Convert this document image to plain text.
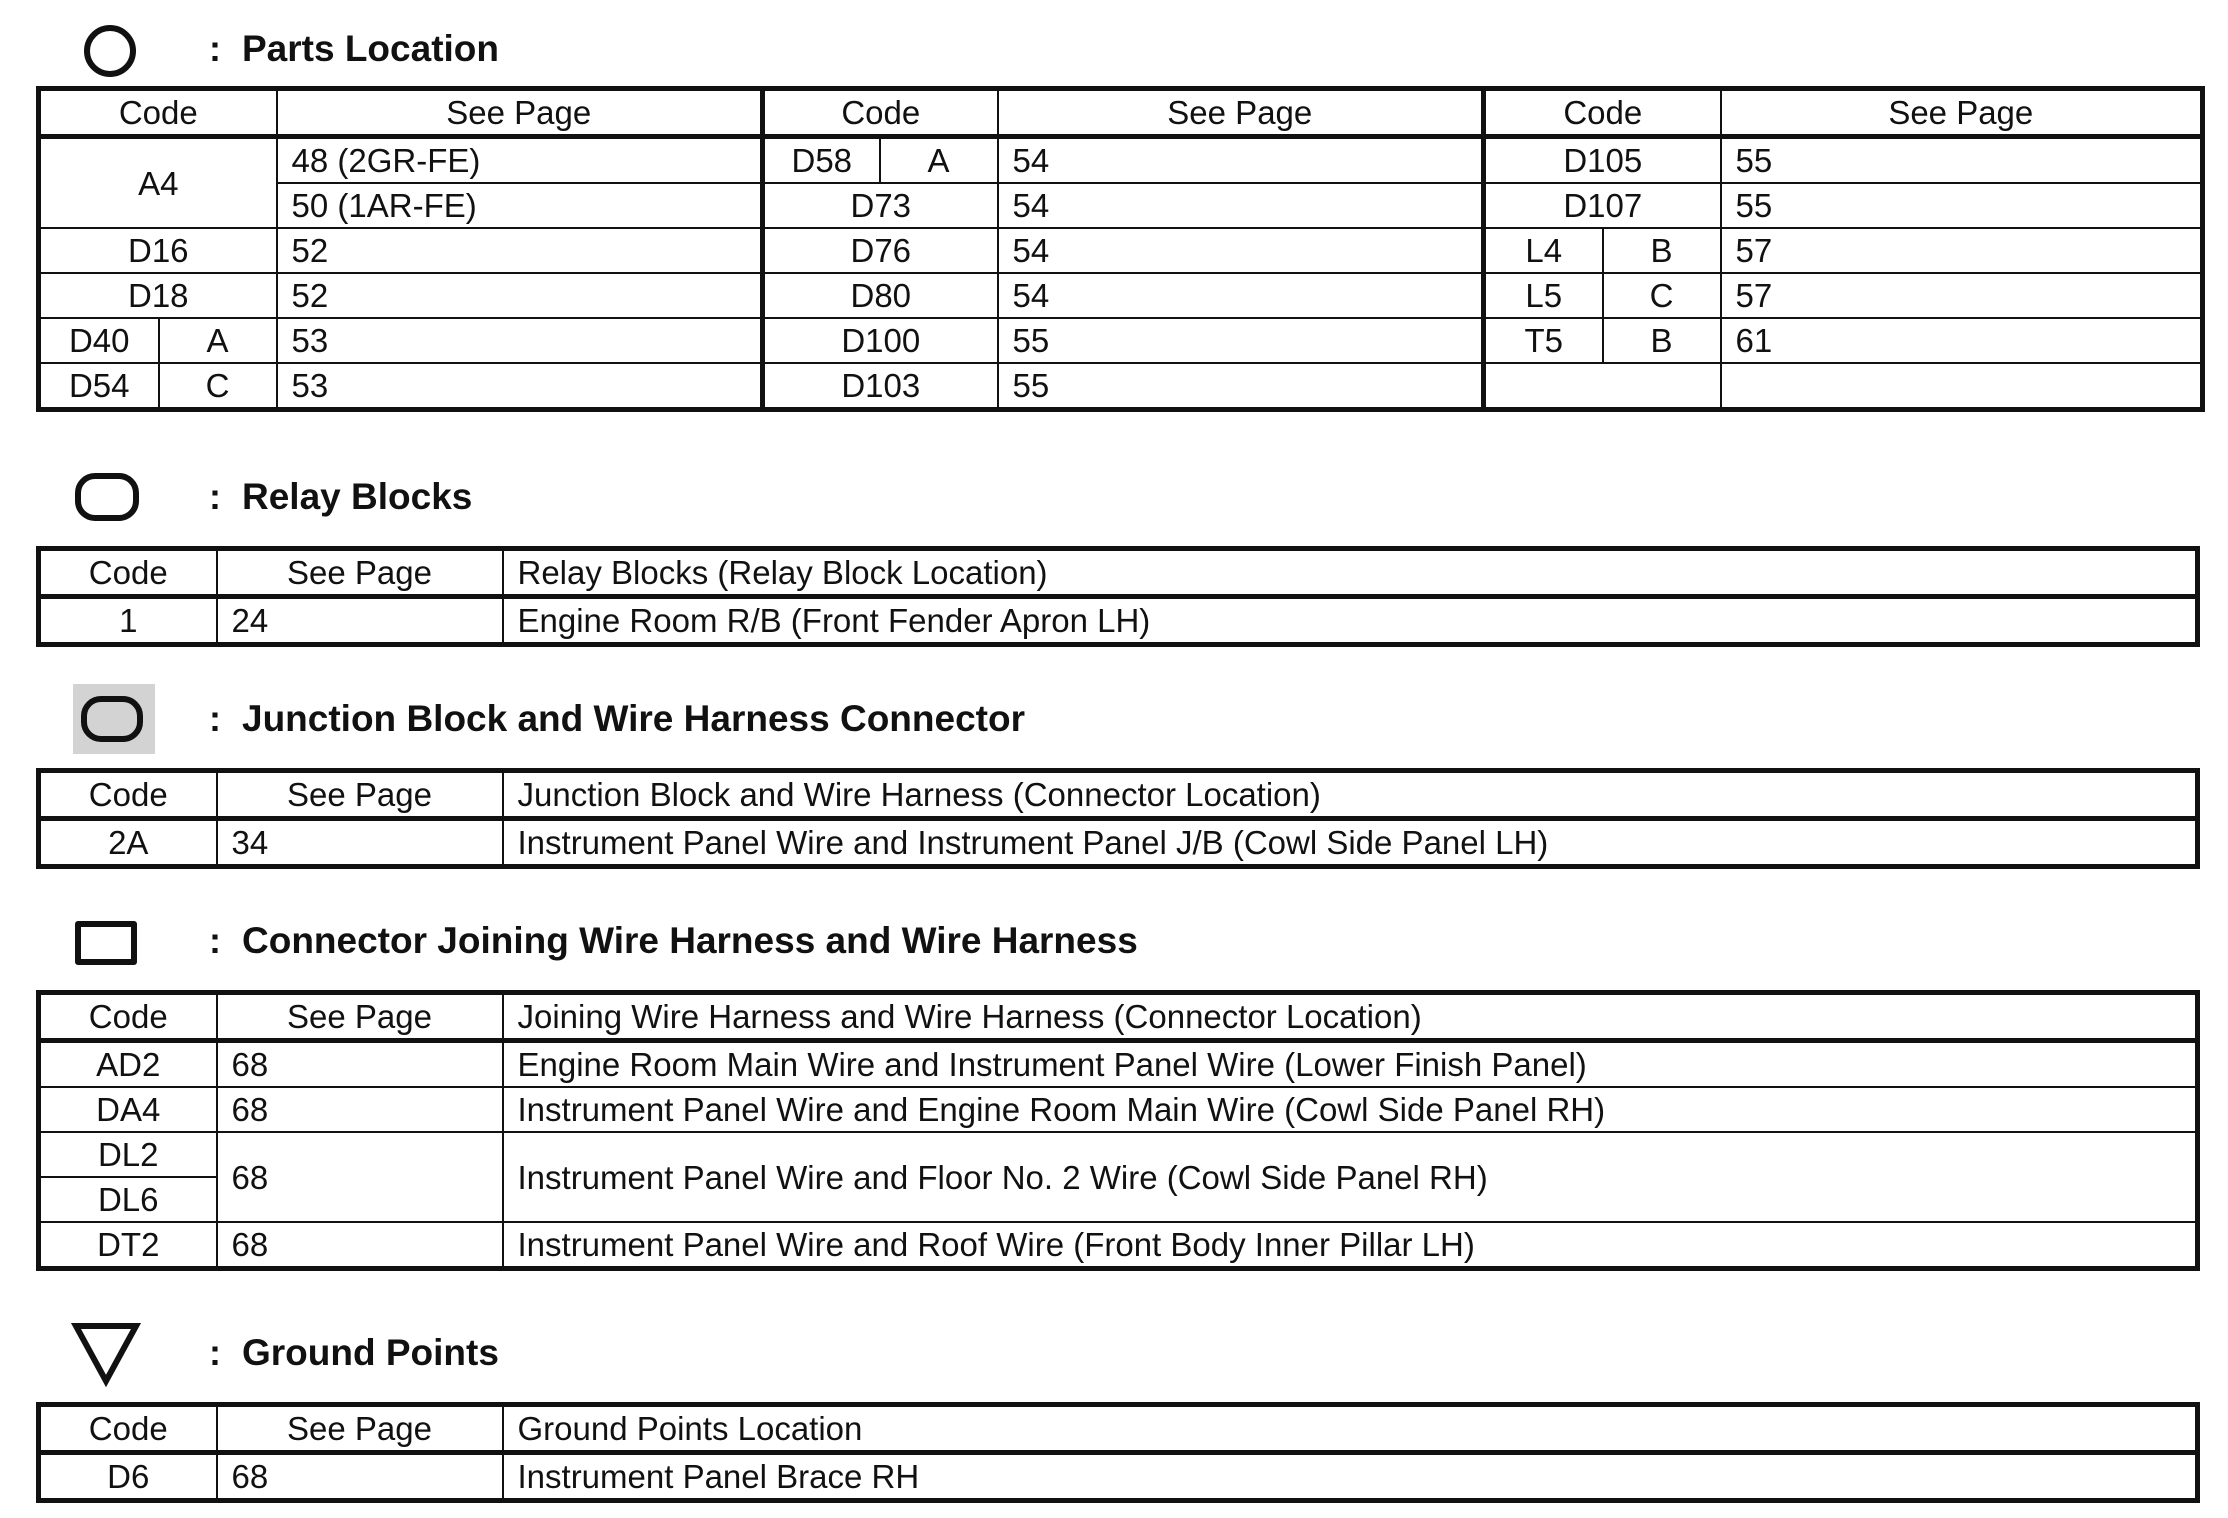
: Parts Location
Code		See Page	Code		See Page	Code		See Page
A4		48 (2GR-FE)	D58	A	54	D105		55
		50 (1AR-FE)	D73		54	D107		55
D16		52	D76		54	L4	B	57
D18		52	D80		54	L5	C	57
D40	A	53	D100		55	T5	B	61
D54	C	53	D103		55			
: Relay Blocks
Code	See Page	Relay Blocks (Relay Block Location)
1	24	Engine Room R/B (Front Fender Apron LH)
: Junction Block and Wire Harness Connector
Code	See Page	Junction Block and Wire Harness (Connector Location)
2A	34	Instrument Panel Wire and Instrument Panel J/B (Cowl Side Panel LH)
: Connector Joining Wire Harness and Wire Harness
Code	See Page	Joining Wire Harness and Wire Harness (Connector Location)
AD2	68	Engine Room Main Wire and Instrument Panel Wire (Lower Finish Panel)
DA4	68	Instrument Panel Wire and Engine Room Main Wire (Cowl Side Panel RH)
DL2	68	Instrument Panel Wire and Floor No. 2 Wire (Cowl Side Panel RH)
DL6		
DT2	68	Instrument Panel Wire and Roof Wire (Front Body Inner Pillar LH)
: Ground Points
Code	See Page	Ground Points Location
D6	68	Instrument Panel Brace RH
